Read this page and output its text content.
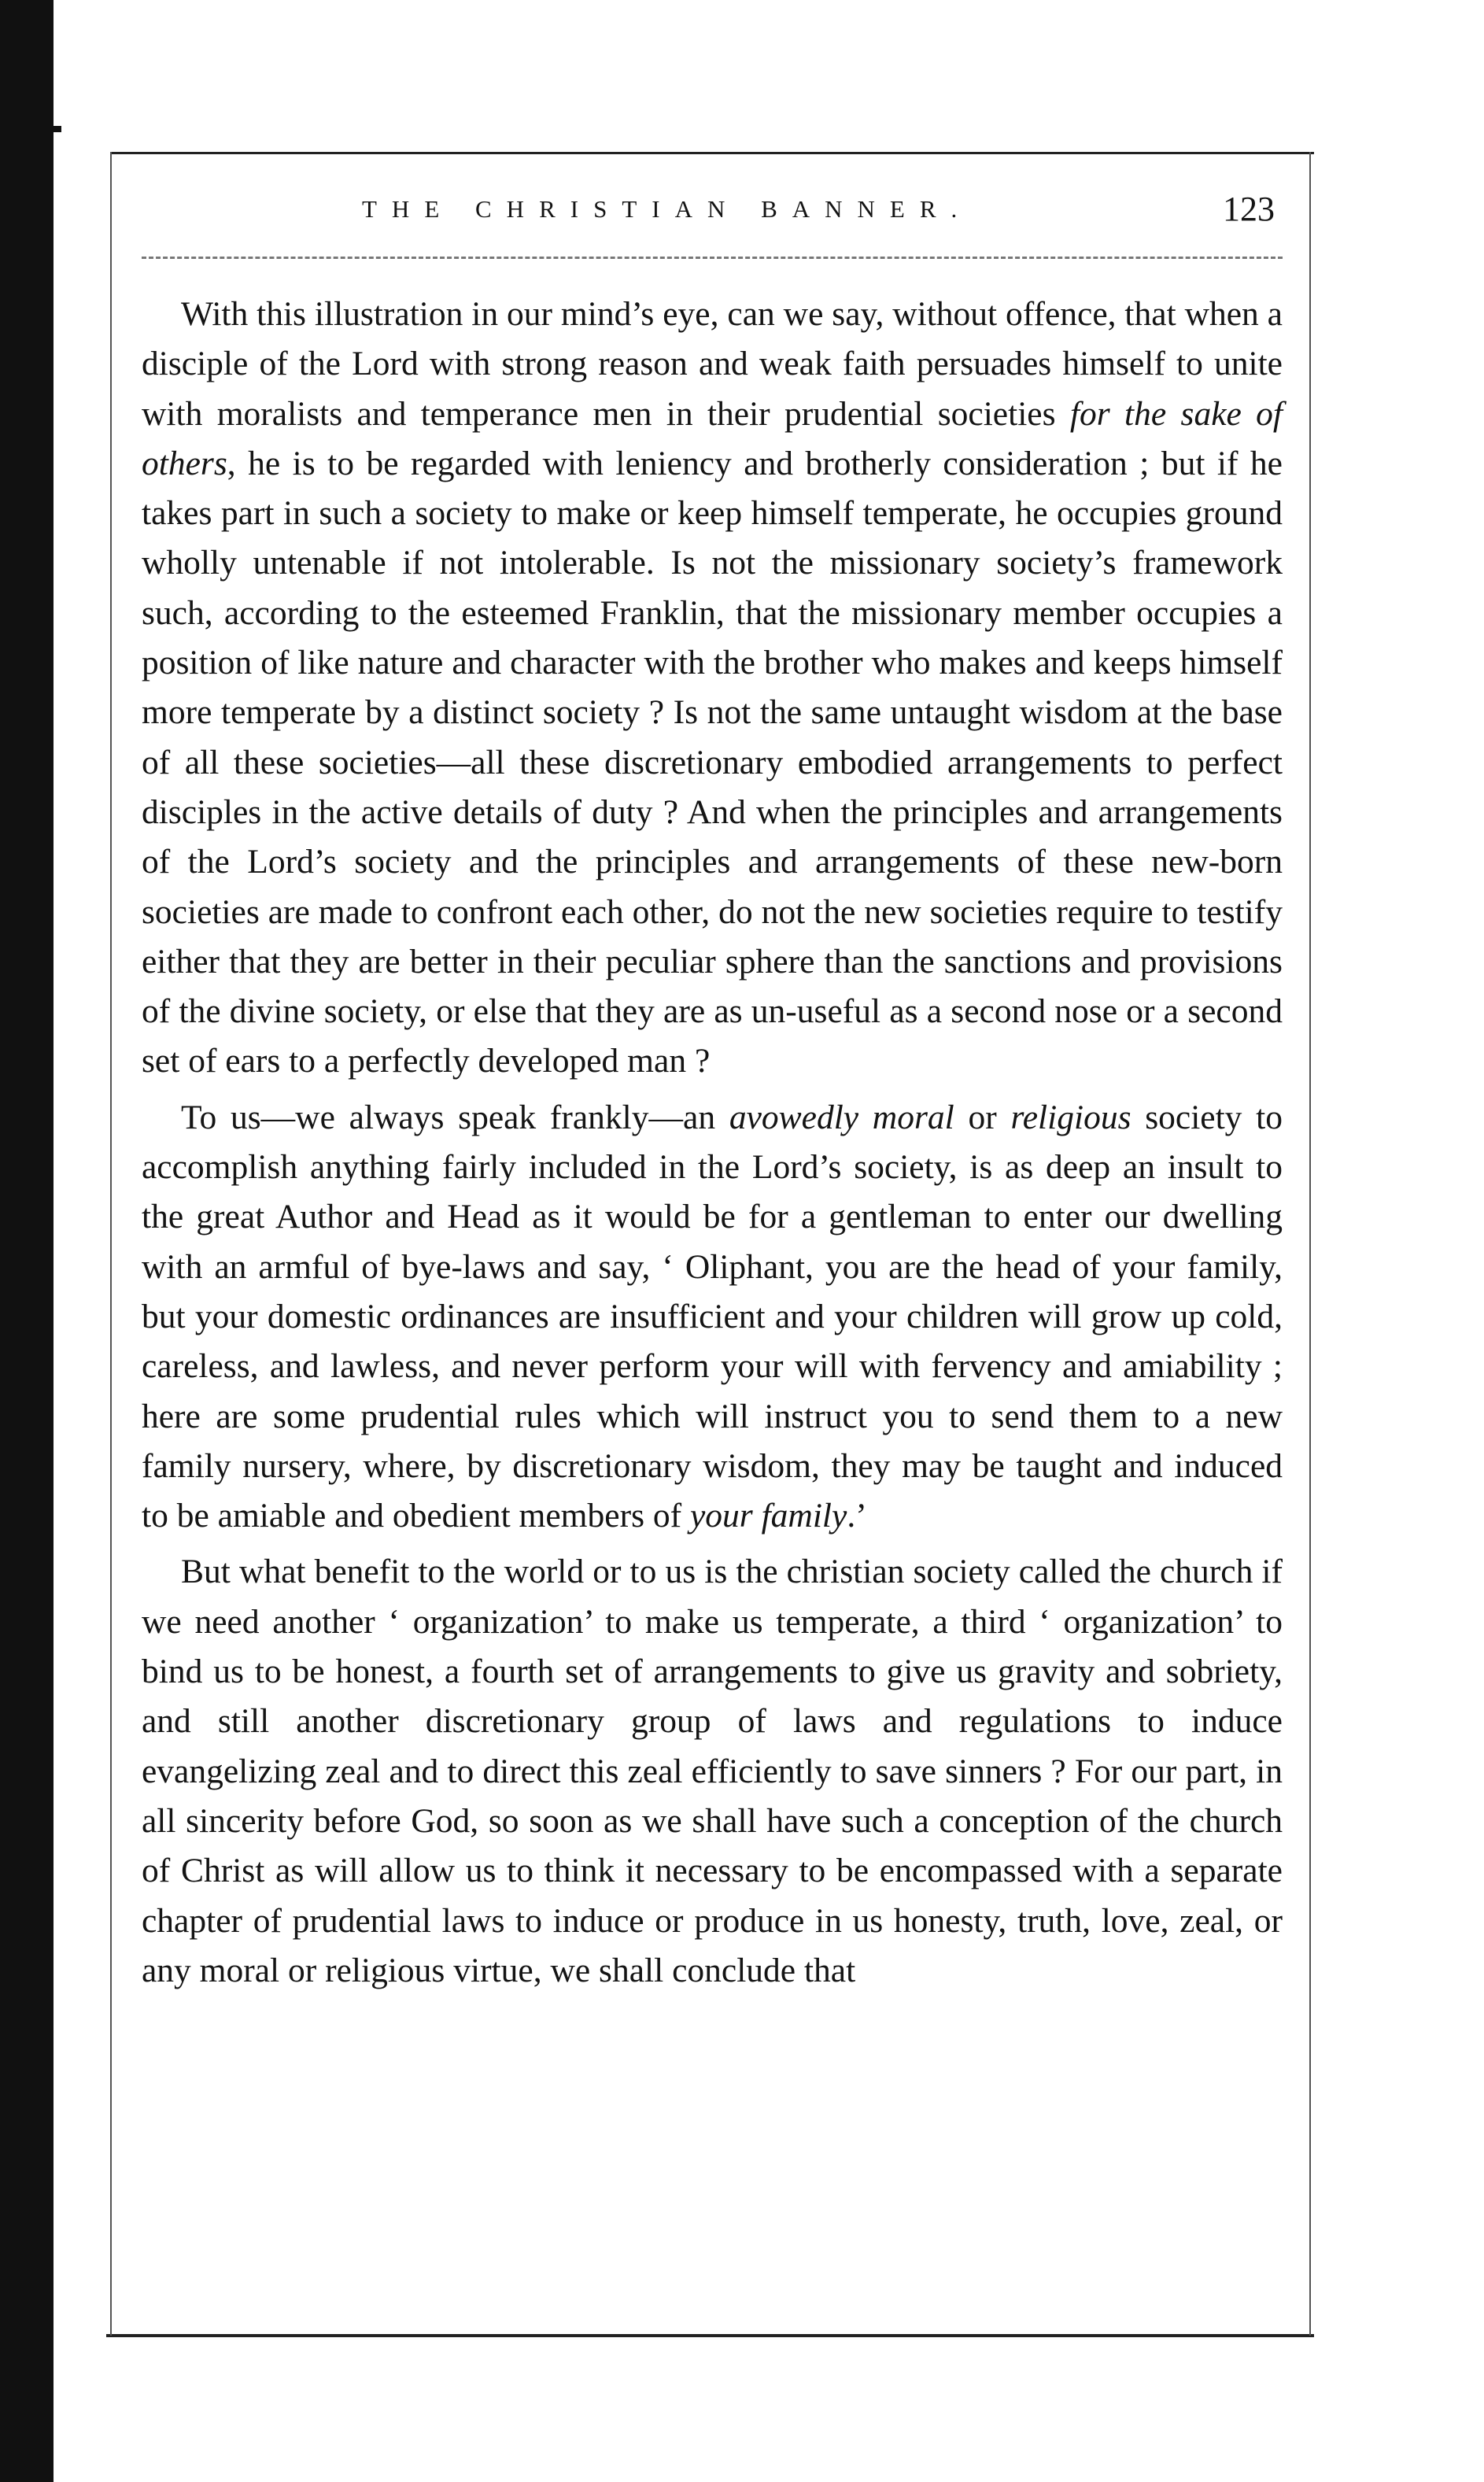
THE CHRISTIAN BANNER.	123

With this illustration in our mind’s eye, can we say, without offence, that when a disciple of the Lord with strong reason and weak faith persuades himself to unite with moralists and temperance men in their prudential societies for the sake of others, he is to be regarded with leniency and brotherly consideration ; but if he takes part in such a society to make or keep himself temperate, he occupies ground wholly untenable if not intolerable. Is not the missionary society’s framework such, according to the esteemed Franklin, that the missionary member occupies a position of like nature and character with the brother who makes and keeps himself more temperate by a distinct society ? Is not the same untaught wisdom at the base of all these societies—all these discretionary embodied arrangements to perfect disciples in the active details of duty ? And when the principles and arrangements of the Lord’s society and the principles and arrangements of these new-born societies are made to confront each other, do not the new societies require to testify either that they are better in their peculiar sphere than the sanctions and provisions of the divine society, or else that they are as un-useful as a second nose or a second set of ears to a perfectly developed man ?

To us—we always speak frankly—an avowedly moral or religious society to accomplish anything fairly included in the Lord’s society, is as deep an insult to the great Author and Head as it would be for a gentleman to enter our dwelling with an armful of bye-laws and say, ‘ Oliphant, you are the head of your family, but your domestic ordinances are insufficient and your children will grow up cold, careless, and lawless, and never perform your will with fervency and amiability ; here are some prudential rules which will instruct you to send them to a new family nursery, where, by discretionary wisdom, they may be taught and induced to be amiable and obedient members of your family.’

But what benefit to the world or to us is the christian society called the church if we need another ‘ organization’ to make us temperate, a third ‘ organization’ to bind us to be honest, a fourth set of arrangements to give us gravity and sobriety, and still another discretionary group of laws and regulations to induce evangelizing zeal and to direct this zeal efficiently to save sinners ? For our part, in all sincerity before God, so soon as we shall have such a conception of the church of Christ as will allow us to think it necessary to be encompassed with a separate chapter of prudential laws to induce or produce in us honesty, truth, love, zeal, or any moral or religious virtue, we shall conclude that
